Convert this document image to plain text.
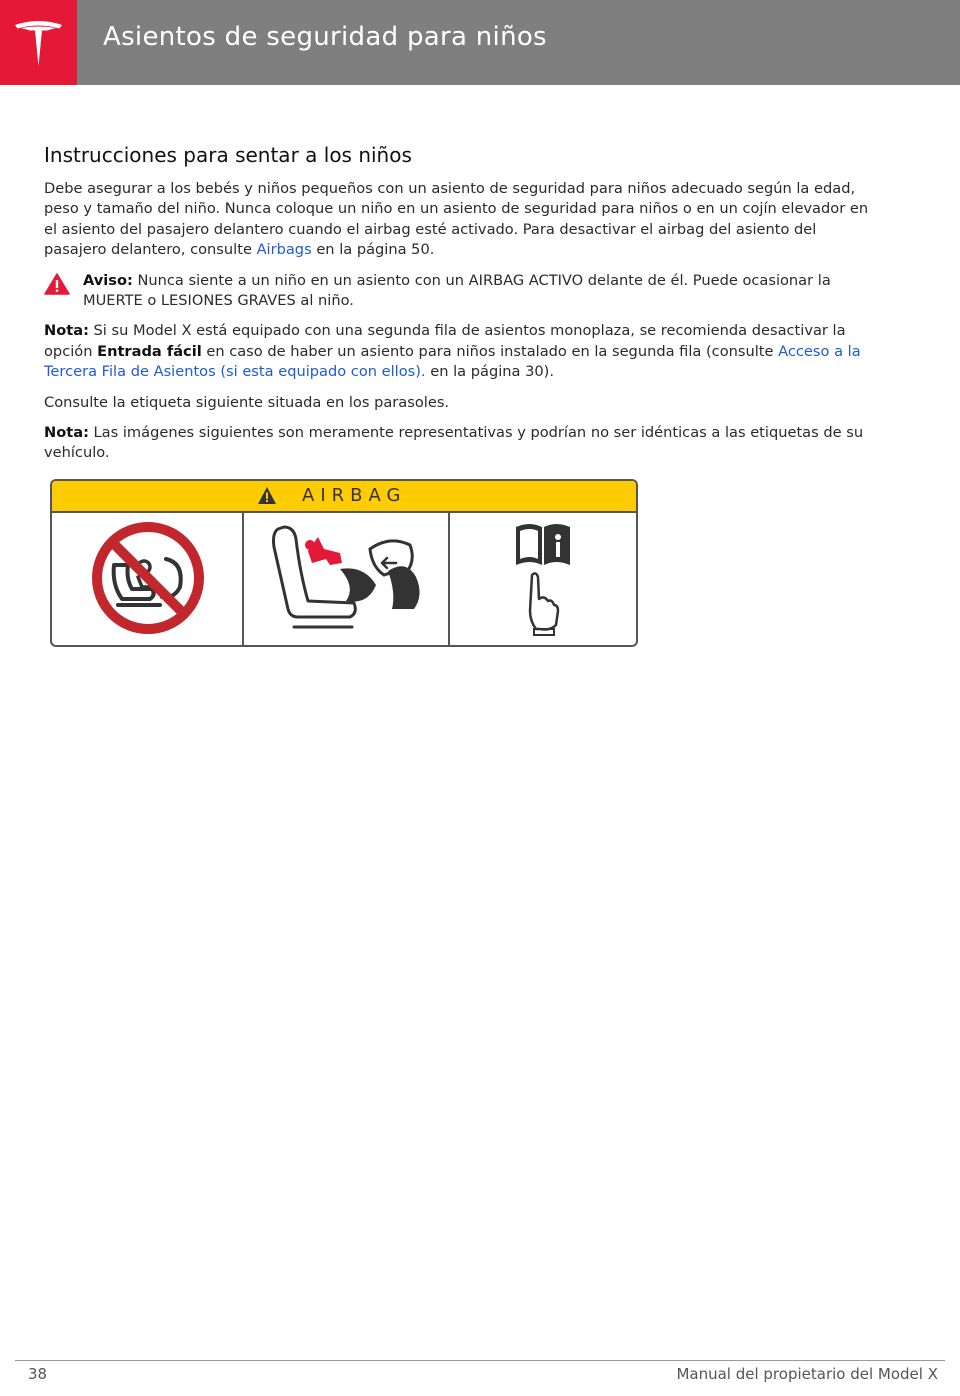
Asientos de seguridad para niños
Instrucciones para sentar a los niños

Debe asegurar a los bebés y niños pequeños con un asiento de seguridad para niños adecuado según la edad, peso y tamaño del niño. Nunca coloque un niño en un asiento de seguridad para niños o en un cojín elevador en el asiento del pasajero delantero cuando el airbag esté activado. Para desactivar el airbag del asiento del pasajero delantero, consulte Airbags en la página 50.

Aviso: Nunca siente a un niño en un asiento con un AIRBAG ACTIVO delante de él. Puede ocasionar la MUERTE o LESIONES GRAVES al niño.

Nota: Si su Model X está equipado con una segunda fila de asientos monoplaza, se recomienda desactivar la opción Entrada fácil en caso de haber un asiento para niños instalado en la segunda fila (consulte Acceso a la Tercera Fila de Asientos (si esta equipado con ellos). en la página 30).

Consulte la etiqueta siguiente situada en los parasoles.

Nota: Las imágenes siguientes son meramente representativas y podrían no ser idénticas a las etiquetas de su vehículo.

AIRBAG
38	Manual del propietario del Model X
